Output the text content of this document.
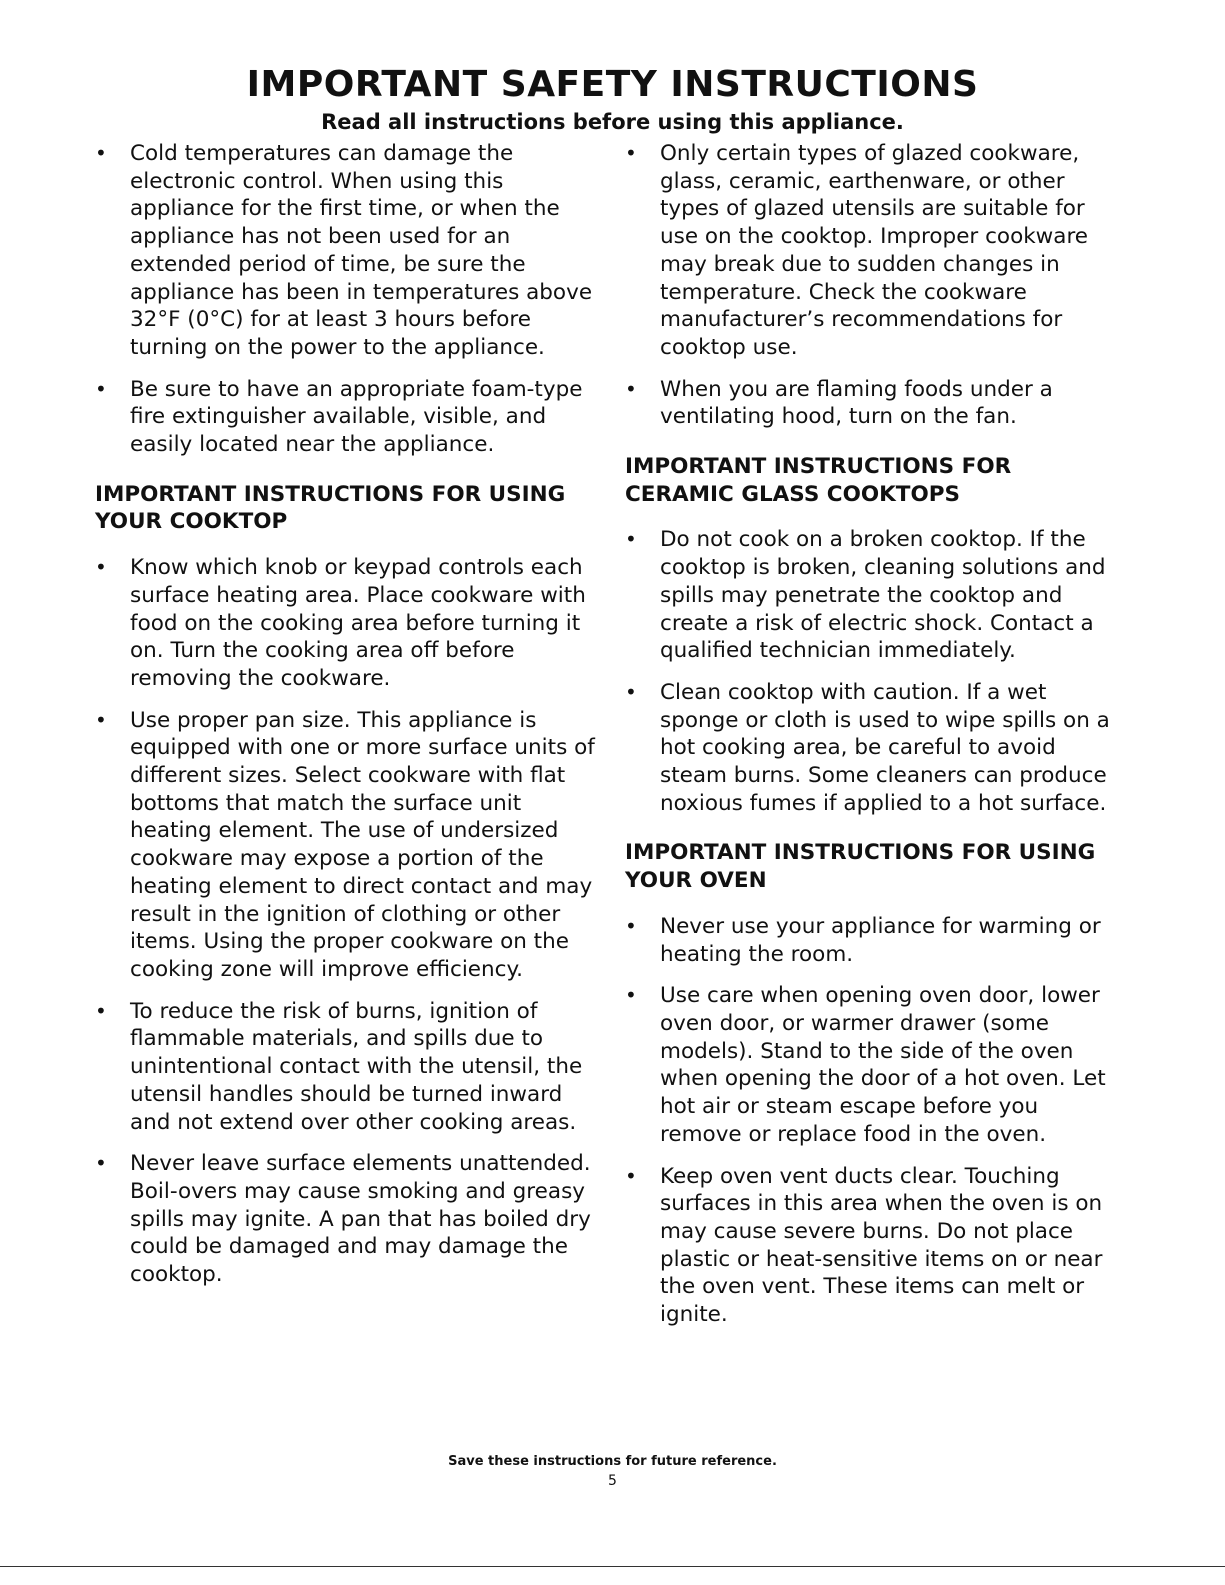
IMPORTANT SAFETY INSTRUCTIONS
Read all instructions before using this appliance.
• Cold temperatures can damage the electronic control. When using this appliance for the first time, or when the appliance has not been used for an extended period of time, be sure the appliance has been in temperatures above 32°F (0°C) for at least 3 hours before turning on the power to the appliance.
• Be sure to have an appropriate foam-type fire extinguisher available, visible, and easily located near the appliance.
IMPORTANT INSTRUCTIONS FOR USING YOUR COOKTOP
• Know which knob or keypad controls each surface heating area. Place cookware with food on the cooking area before turning it on. Turn the cooking area off before removing the cookware.
• Use proper pan size. This appliance is equipped with one or more surface units of different sizes. Select cookware with flat bottoms that match the surface unit heating element. The use of undersized cookware may expose a portion of the heating element to direct contact and may result in the ignition of clothing or other items. Using the proper cookware on the cooking zone will improve efficiency.
• To reduce the risk of burns, ignition of flammable materials, and spills due to unintentional contact with the utensil, the utensil handles should be turned inward and not extend over other cooking areas.
• Never leave surface elements unattended. Boil-overs may cause smoking and greasy spills may ignite. A pan that has boiled dry could be damaged and may damage the cooktop.
• Only certain types of glazed cookware, glass, ceramic, earthenware, or other types of glazed utensils are suitable for use on the cooktop. Improper cookware may break due to sudden changes in temperature. Check the cookware manufacturer’s recommendations for cooktop use.
• When you are flaming foods under a ventilating hood, turn on the fan.
IMPORTANT INSTRUCTIONS FOR CERAMIC GLASS COOKTOPS
• Do not cook on a broken cooktop. If the cooktop is broken, cleaning solutions and spills may penetrate the cooktop and create a risk of electric shock. Contact a qualified technician immediately.
• Clean cooktop with caution. If a wet sponge or cloth is used to wipe spills on a hot cooking area, be careful to avoid steam burns. Some cleaners can produce noxious fumes if applied to a hot surface.
IMPORTANT INSTRUCTIONS FOR USING YOUR OVEN
• Never use your appliance for warming or heating the room.
• Use care when opening oven door, lower oven door, or warmer drawer (some models). Stand to the side of the oven when opening the door of a hot oven. Let hot air or steam escape before you remove or replace food in the oven.
• Keep oven vent ducts clear. Touching surfaces in this area when the oven is on may cause severe burns. Do not place plastic or heat-sensitive items on or near the oven vent. These items can melt or ignite.
Save these instructions for future reference.
5
